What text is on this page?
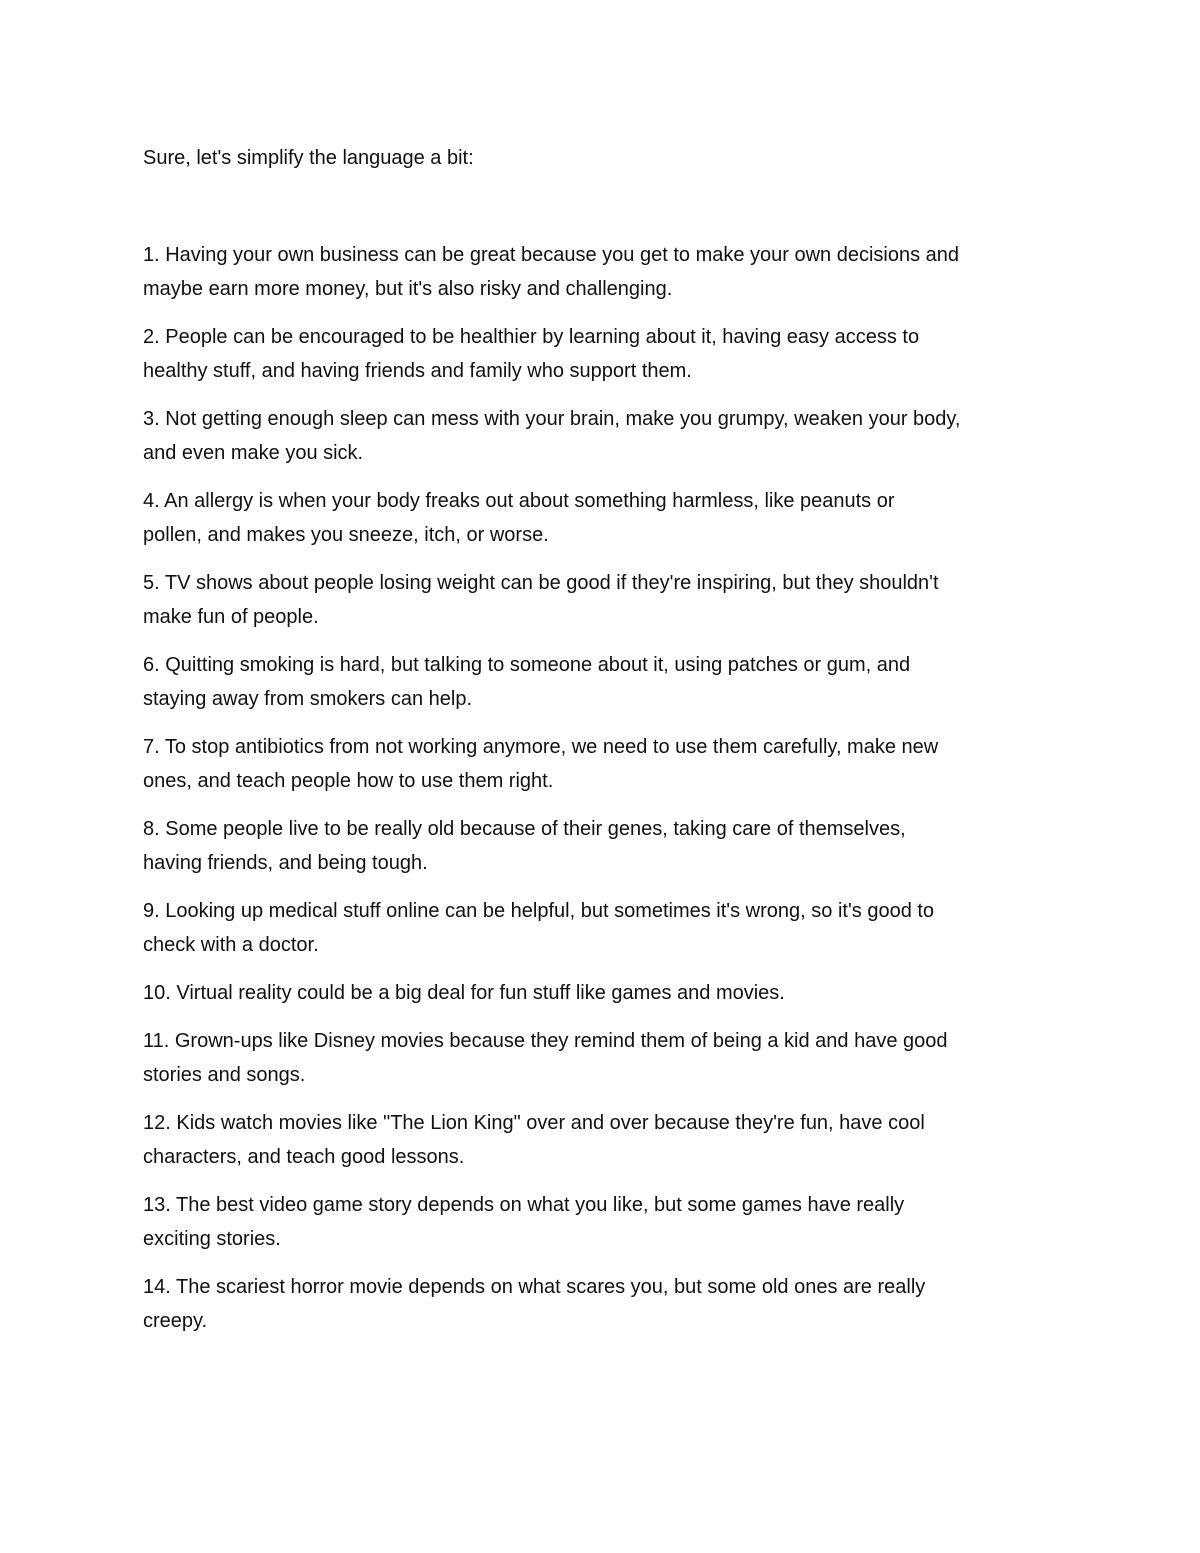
Sure, let's simplify the language a bit:

1. Having your own business can be great because you get to make your own decisions and
maybe earn more money, but it's also risky and challenging.

2. People can be encouraged to be healthier by learning about it, having easy access to
healthy stuff, and having friends and family who support them.

3. Not getting enough sleep can mess with your brain, make you grumpy, weaken your body,
and even make you sick.

4. An allergy is when your body freaks out about something harmless, like peanuts or
pollen, and makes you sneeze, itch, or worse.

5. TV shows about people losing weight can be good if they're inspiring, but they shouldn't
make fun of people.

6. Quitting smoking is hard, but talking to someone about it, using patches or gum, and
staying away from smokers can help.

7. To stop antibiotics from not working anymore, we need to use them carefully, make new
ones, and teach people how to use them right.

8. Some people live to be really old because of their genes, taking care of themselves,
having friends, and being tough.

9. Looking up medical stuff online can be helpful, but sometimes it's wrong, so it's good to
check with a doctor.

10. Virtual reality could be a big deal for fun stuff like games and movies.

11. Grown-ups like Disney movies because they remind them of being a kid and have good
stories and songs.

12. Kids watch movies like "The Lion King" over and over because they're fun, have cool
characters, and teach good lessons.

13. The best video game story depends on what you like, but some games have really
exciting stories.

14. The scariest horror movie depends on what scares you, but some old ones are really
creepy.
